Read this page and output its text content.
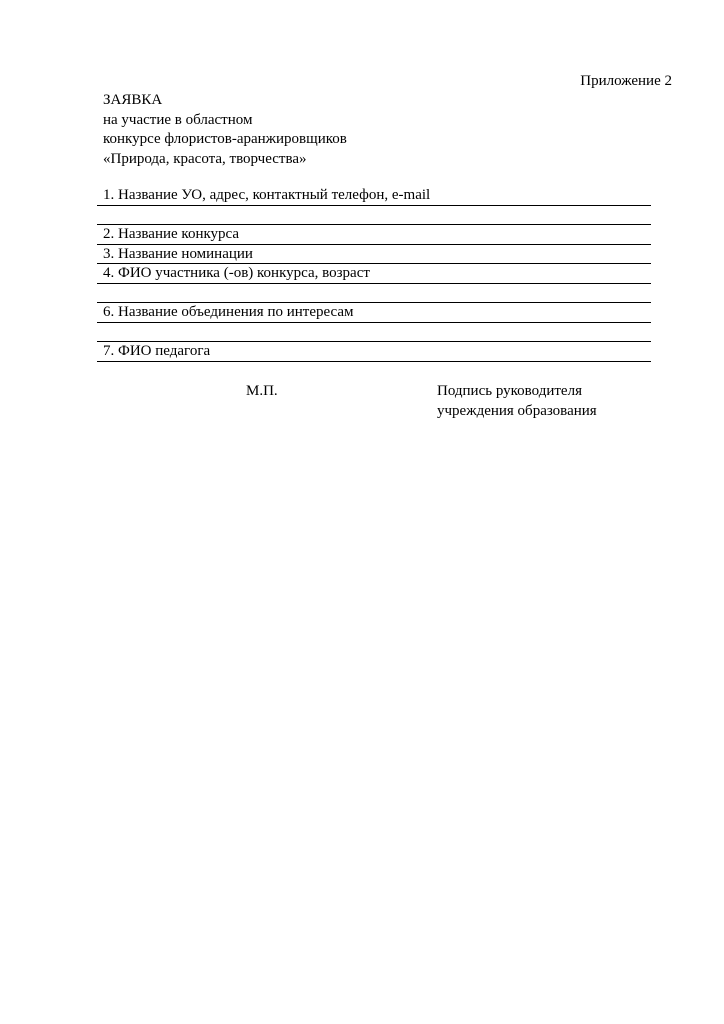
Приложение 2
ЗАЯВКА
на участие в областном
конкурсе флористов-аранжировщиков
«Природа, красота, творчества»
1. Название УО, адрес, контактный телефон, e-mail
2. Название конкурса
3. Название номинации
4. ФИО участника (-ов) конкурса, возраст
6. Название объединения по интересам
7. ФИО педагога
М.П.	Подпись руководителя
учреждения образования
